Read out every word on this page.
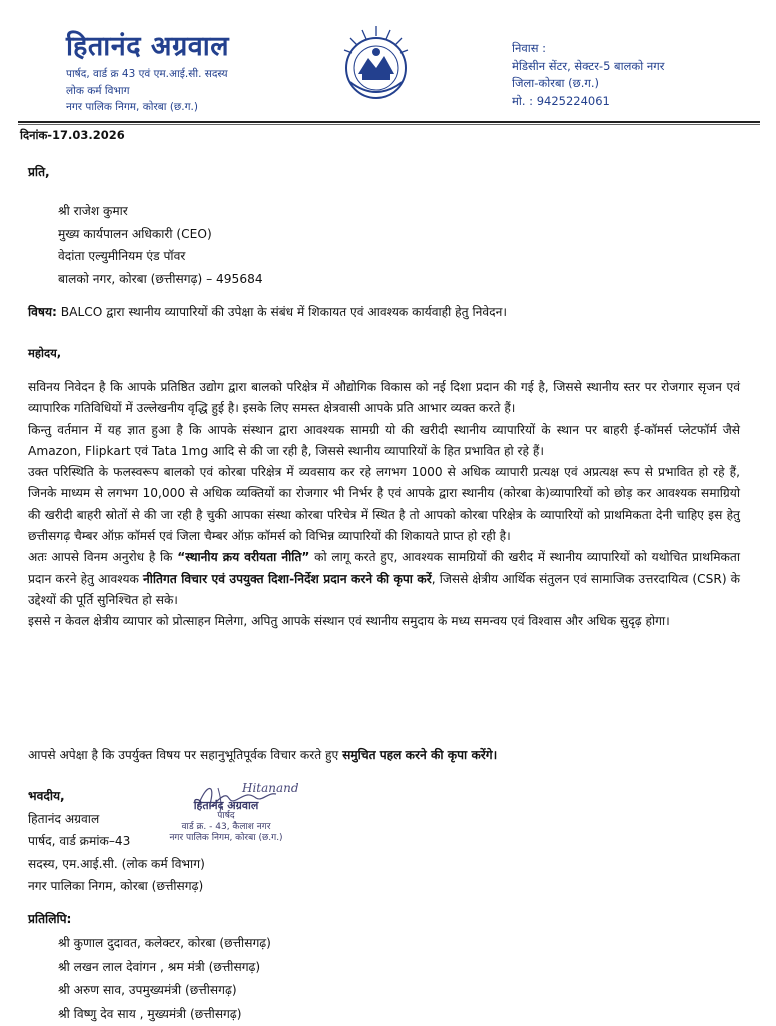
हितानंद अग्रवाल
पार्षद, वार्ड क्र 43 एवं एम.आई.सी. सदस्य
लोक कर्म विभाग
नगर पालिक निगम, कोरबा (छ.ग.)
निवास :
मेडिसीन सेंटर, सेक्टर-5 बालको नगर
जिला-कोरबा (छ.ग.)
मो. : 9425224061
दिनांक-17.03.2026
प्रति,
श्री राजेश कुमार
मुख्य कार्यपालन अधिकारी (CEO)
वेदांता एल्युमीनियम एंड पॉवर
बालको नगर, कोरबा (छत्तीसगढ़) – 495684
विषय: BALCO द्वारा स्थानीय व्यापारियों की उपेक्षा के संबंध में शिकायत एवं आवश्यक कार्यवाही हेतु निवेदन।
महोदय,

सविनय निवेदन है कि आपके प्रतिष्ठित उद्योग द्वारा बालको परिक्षेत्र में औद्योगिक विकास को नई दिशा प्रदान की गई है, जिससे स्थानीय स्तर पर रोजगार सृजन एवं व्यापारिक गतिविधियों में उल्लेखनीय वृद्धि हुई है। इसके लिए समस्त क्षेत्रवासी आपके प्रति आभार व्यक्त करते हैं।

किन्तु वर्तमान में यह ज्ञात हुआ है कि आपके संस्थान द्वारा आवश्यक सामग्री यो की खरीदी स्थानीय व्यापारियों के स्थान पर बाहरी ई-कॉमर्स प्लेटफॉर्म जैसे Amazon, Flipkart एवं Tata 1mg आदि से की जा रही है, जिससे स्थानीय व्यापारियों के हित प्रभावित हो रहे हैं।

उक्त परिस्थिति के फलस्वरूप बालको एवं कोरबा परिक्षेत्र में व्यवसाय कर रहे लगभग 1000 से अधिक व्यापारी प्रत्यक्ष एवं अप्रत्यक्ष रूप से प्रभावित हो रहे हैं, जिनके माध्यम से लगभग 10,000 से अधिक व्यक्तियों का रोजगार भी निर्भर है एवं आपके द्वारा स्थानीय (कोरबा के)व्यापारियों को छोड़ कर आवश्यक समाग्रियो की खरीदी बाहरी स्रोतों से की जा रही है चुकी आपका संस्था कोरबा परिचेत्र में स्थित है तो आपको कोरबा परिक्षेत्र के व्यापारियों को प्राथमिकता देनी चाहिए इस हेतु छत्तीसगढ़ चैम्बर ऑफ़ कॉमर्स एवं जिला चैम्बर ऑफ़ कॉमर्स को विभिन्न व्यापारियों की शिकायते प्राप्त हो रही है।

अतः आपसे विनम अनुरोध है कि “स्थानीय क्रय वरीयता नीति” को लागू करते हुए, आवश्यक सामग्रियों की खरीद में स्थानीय व्यापारियों को यथोचित प्राथमिकता प्रदान करने हेतु आवश्यक नीतिगत विचार एवं उपयुक्त दिशा-निर्देश प्रदान करने की कृपा करें, जिससे क्षेत्रीय आर्थिक संतुलन एवं सामाजिक उत्तरदायित्व (CSR) के उद्देश्यों की पूर्ति सुनिश्चित हो सके।

इससे न केवल क्षेत्रीय व्यापार को प्रोत्साहन मिलेगा, अपितु आपके संस्थान एवं स्थानीय समुदाय के मध्य समन्वय एवं विश्वास और अधिक सुदृढ़ होगा।

आपसे अपेक्षा है कि उपर्युक्त विषय पर सहानुभूतिपूर्वक विचार करते हुए समुचित पहल करने की कृपा करेंगे।
भवदीय,
हितानंद अग्रवाल
पार्षद, वार्ड क्रमांक–43
सदस्य, एम.आई.सी. (लोक कर्म विभाग)
नगर पालिका निगम, कोरबा (छत्तीसगढ़)
Hitanand
हितानंद अग्रवाल
पार्षद
वार्ड क्र. - 43, कैलाश नगर
नगर पालिक निगम, कोरबा (छ.ग.)
प्रतिलिपि:
श्री कुणाल दुदावत, कलेक्टर, कोरबा (छत्तीसगढ़)
श्री लखन लाल देवांगन , श्रम मंत्री (छत्तीसगढ़)
श्री अरुण साव, उपमुख्यमंत्री (छत्तीसगढ़)
श्री विष्णु देव साय , मुख्यमंत्री (छत्तीसगढ़)
